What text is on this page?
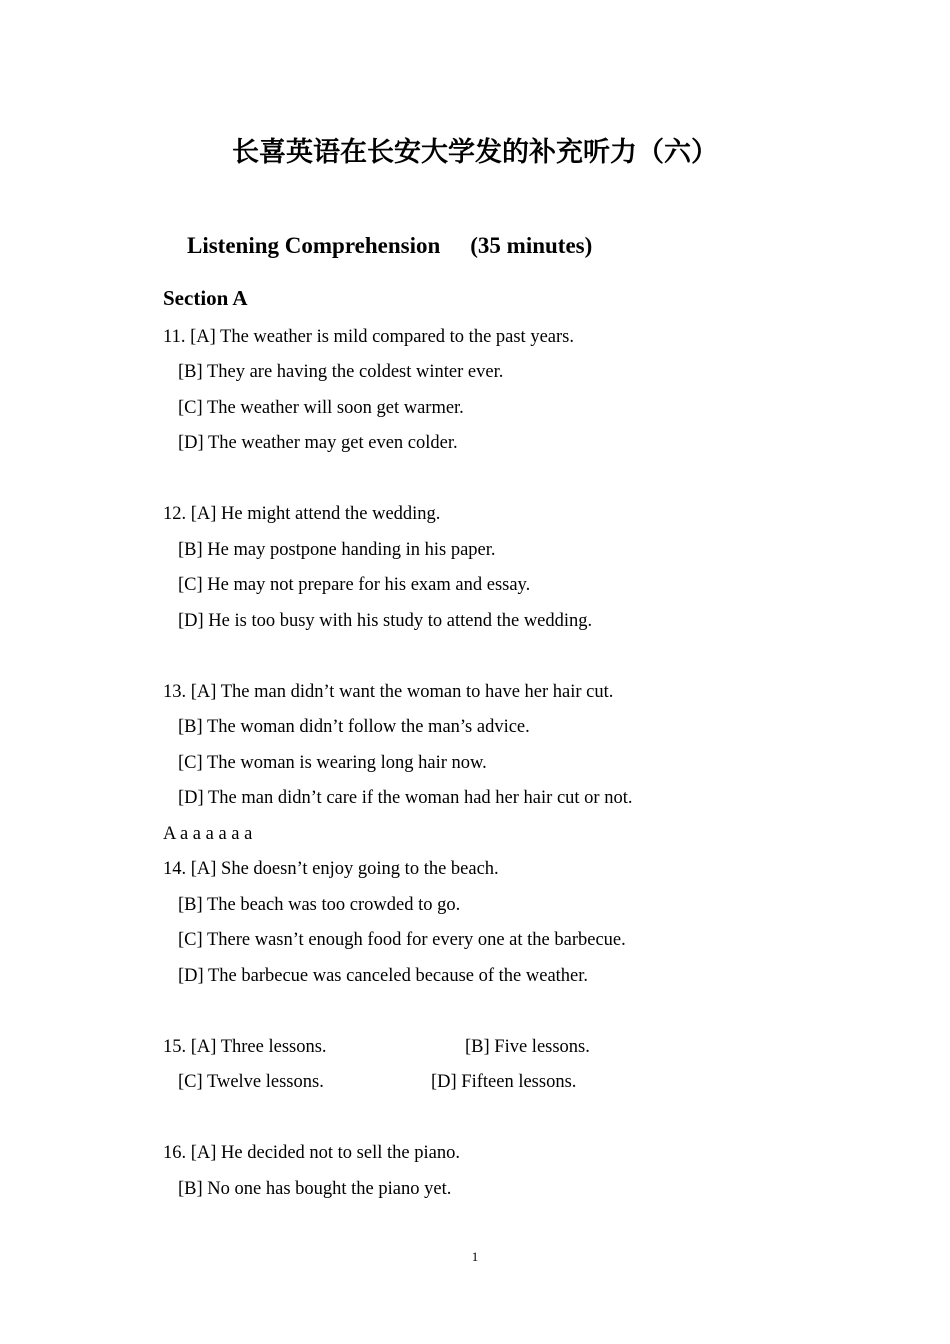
长喜英语在长安大学发的补充听力（六）
Listening Comprehension (35 minutes)
Section A
11. [A] The weather is mild compared to the past years.
[B] They are having the coldest winter ever.
[C] The weather will soon get warmer.
[D] The weather may get even colder.
12. [A] He might attend the wedding.
[B] He may postpone handing in his paper.
[C] He may not prepare for his exam and essay.
[D] He is too busy with his study to attend the wedding.
13. [A] The man didn’t want the woman to have her hair cut.
[B] The woman didn’t follow the man’s advice.
[C] The woman is wearing long hair now.
[D] The man didn’t care if the woman had her hair cut or not.
A a a a a a a
14. [A] She doesn’t enjoy going to the beach.
[B] The beach was too crowded to go.
[C] There wasn’t enough food for every one at the barbecue.
[D] The barbecue was canceled because of the weather.
15. [A] Three lessons.	[B] Five lessons.
[C] Twelve lessons.	[D] Fifteen lessons.
16. [A] He decided not to sell the piano.
[B] No one has bought the piano yet.
1
